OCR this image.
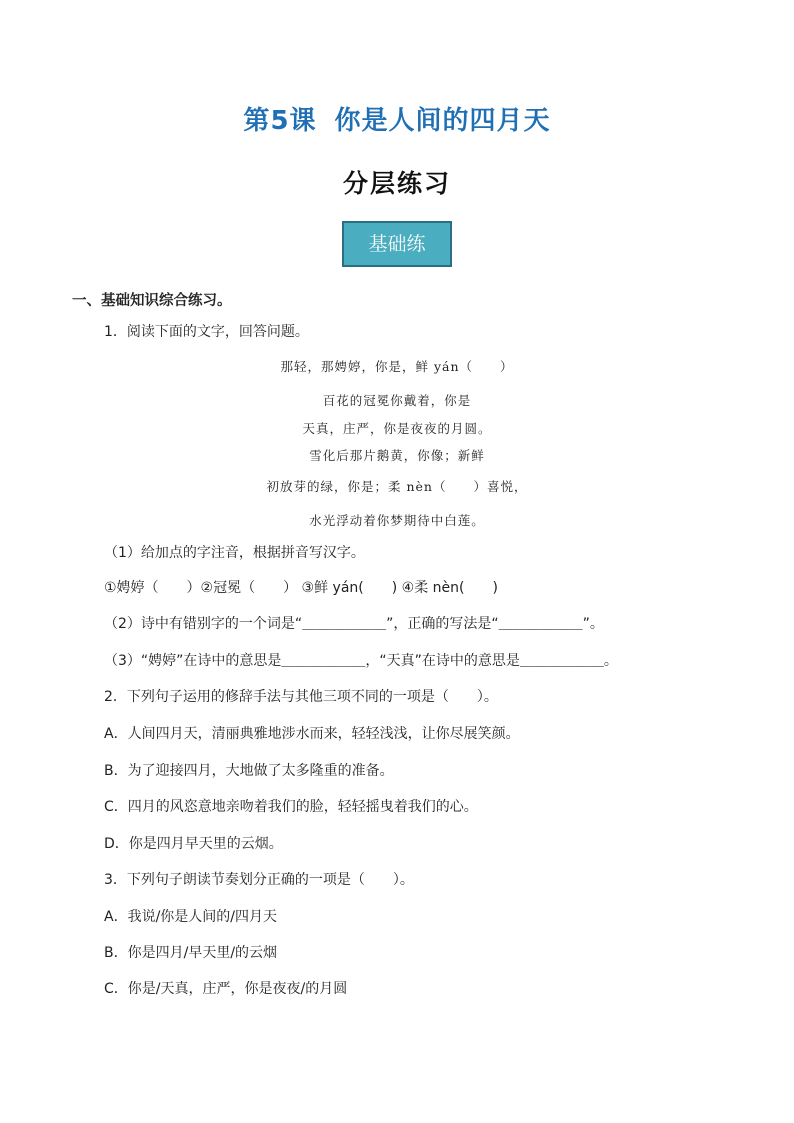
第5课 你是人间的四月天
分层练习
基础练
一、基础知识综合练习。
1．阅读下面的文字，回答问题。
那轻，那娉婷，你是，鲜 yán（　　）
百花的冠冕你戴着，你是
天真，庄严，你是夜夜的月圆。
雪化后那片鹅黄，你像；新鲜
初放芽的绿，你是；柔 nèn（　　）喜悦，
水光浮动着你梦期待中白莲。
（1）给加点的字注音，根据拼音写汉字。
①娉婷（　　）②冠冕（　　） ③鲜 yán(　　) ④柔 nèn(　　)
（2）诗中有错别字的一个词是“＿＿＿＿＿＿”，正确的写法是“＿＿＿＿＿＿”。
（3）“娉婷”在诗中的意思是＿＿＿＿＿＿，“天真”在诗中的意思是＿＿＿＿＿＿。
2．下列句子运用的修辞手法与其他三项不同的一项是（　　）。
A．人间四月天，清丽典雅地涉水而来，轻轻浅浅，让你尽展笑颜。
B．为了迎接四月，大地做了太多隆重的准备。
C．四月的风恣意地亲吻着我们的脸，轻轻摇曳着我们的心。
D．你是四月早天里的云烟。
3．下列句子朗读节奏划分正确的一项是（　　）。
A．我说/你是人间的/四月天
B．你是四月/早天里/的云烟
C．你是/天真，庄严，你是夜夜/的月圆
